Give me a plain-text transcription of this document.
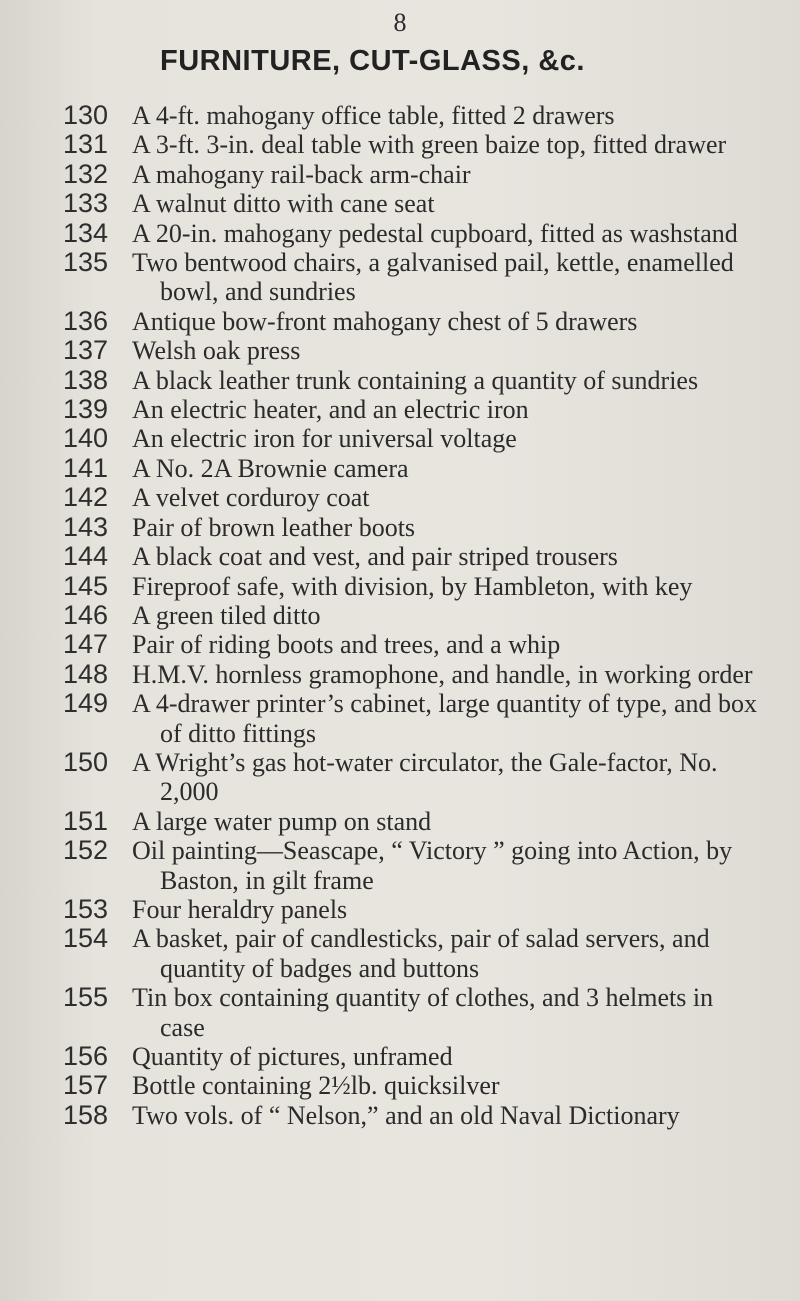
8
FURNITURE, CUT-GLASS, &c.
130 A 4-ft. mahogany office table, fitted 2 drawers
131 A 3-ft. 3-in. deal table with green baize top, fitted drawer
132 A mahogany rail-back arm-chair
133 A walnut ditto with cane seat
134 A 20-in. mahogany pedestal cupboard, fitted as washstand
135 Two bentwood chairs, a galvanised pail, kettle, enamelled bowl, and sundries
136 Antique bow-front mahogany chest of 5 drawers
137 Welsh oak press
138 A black leather trunk containing a quantity of sundries
139 An electric heater, and an electric iron
140 An electric iron for universal voltage
141 A No. 2A Brownie camera
142 A velvet corduroy coat
143 Pair of brown leather boots
144 A black coat and vest, and pair striped trousers
145 Fireproof safe, with division, by Hambleton, with key
146 A green tiled ditto
147 Pair of riding boots and trees, and a whip
148 H.M.V. hornless gramophone, and handle, in working order
149 A 4-drawer printer’s cabinet, large quantity of type, and box of ditto fittings
150 A Wright’s gas hot-water circulator, the Gale-factor, No. 2,000
151 A large water pump on stand
152 Oil painting—Seascape, “ Victory ” going into Action, by Baston, in gilt frame
153 Four heraldry panels
154 A basket, pair of candlesticks, pair of salad servers, and quantity of badges and buttons
155 Tin box containing quantity of clothes, and 3 helmets in case
156 Quantity of pictures, unframed
157 Bottle containing 2½lb. quicksilver
158 Two vols. of “ Nelson,” and an old Naval Dictionary
